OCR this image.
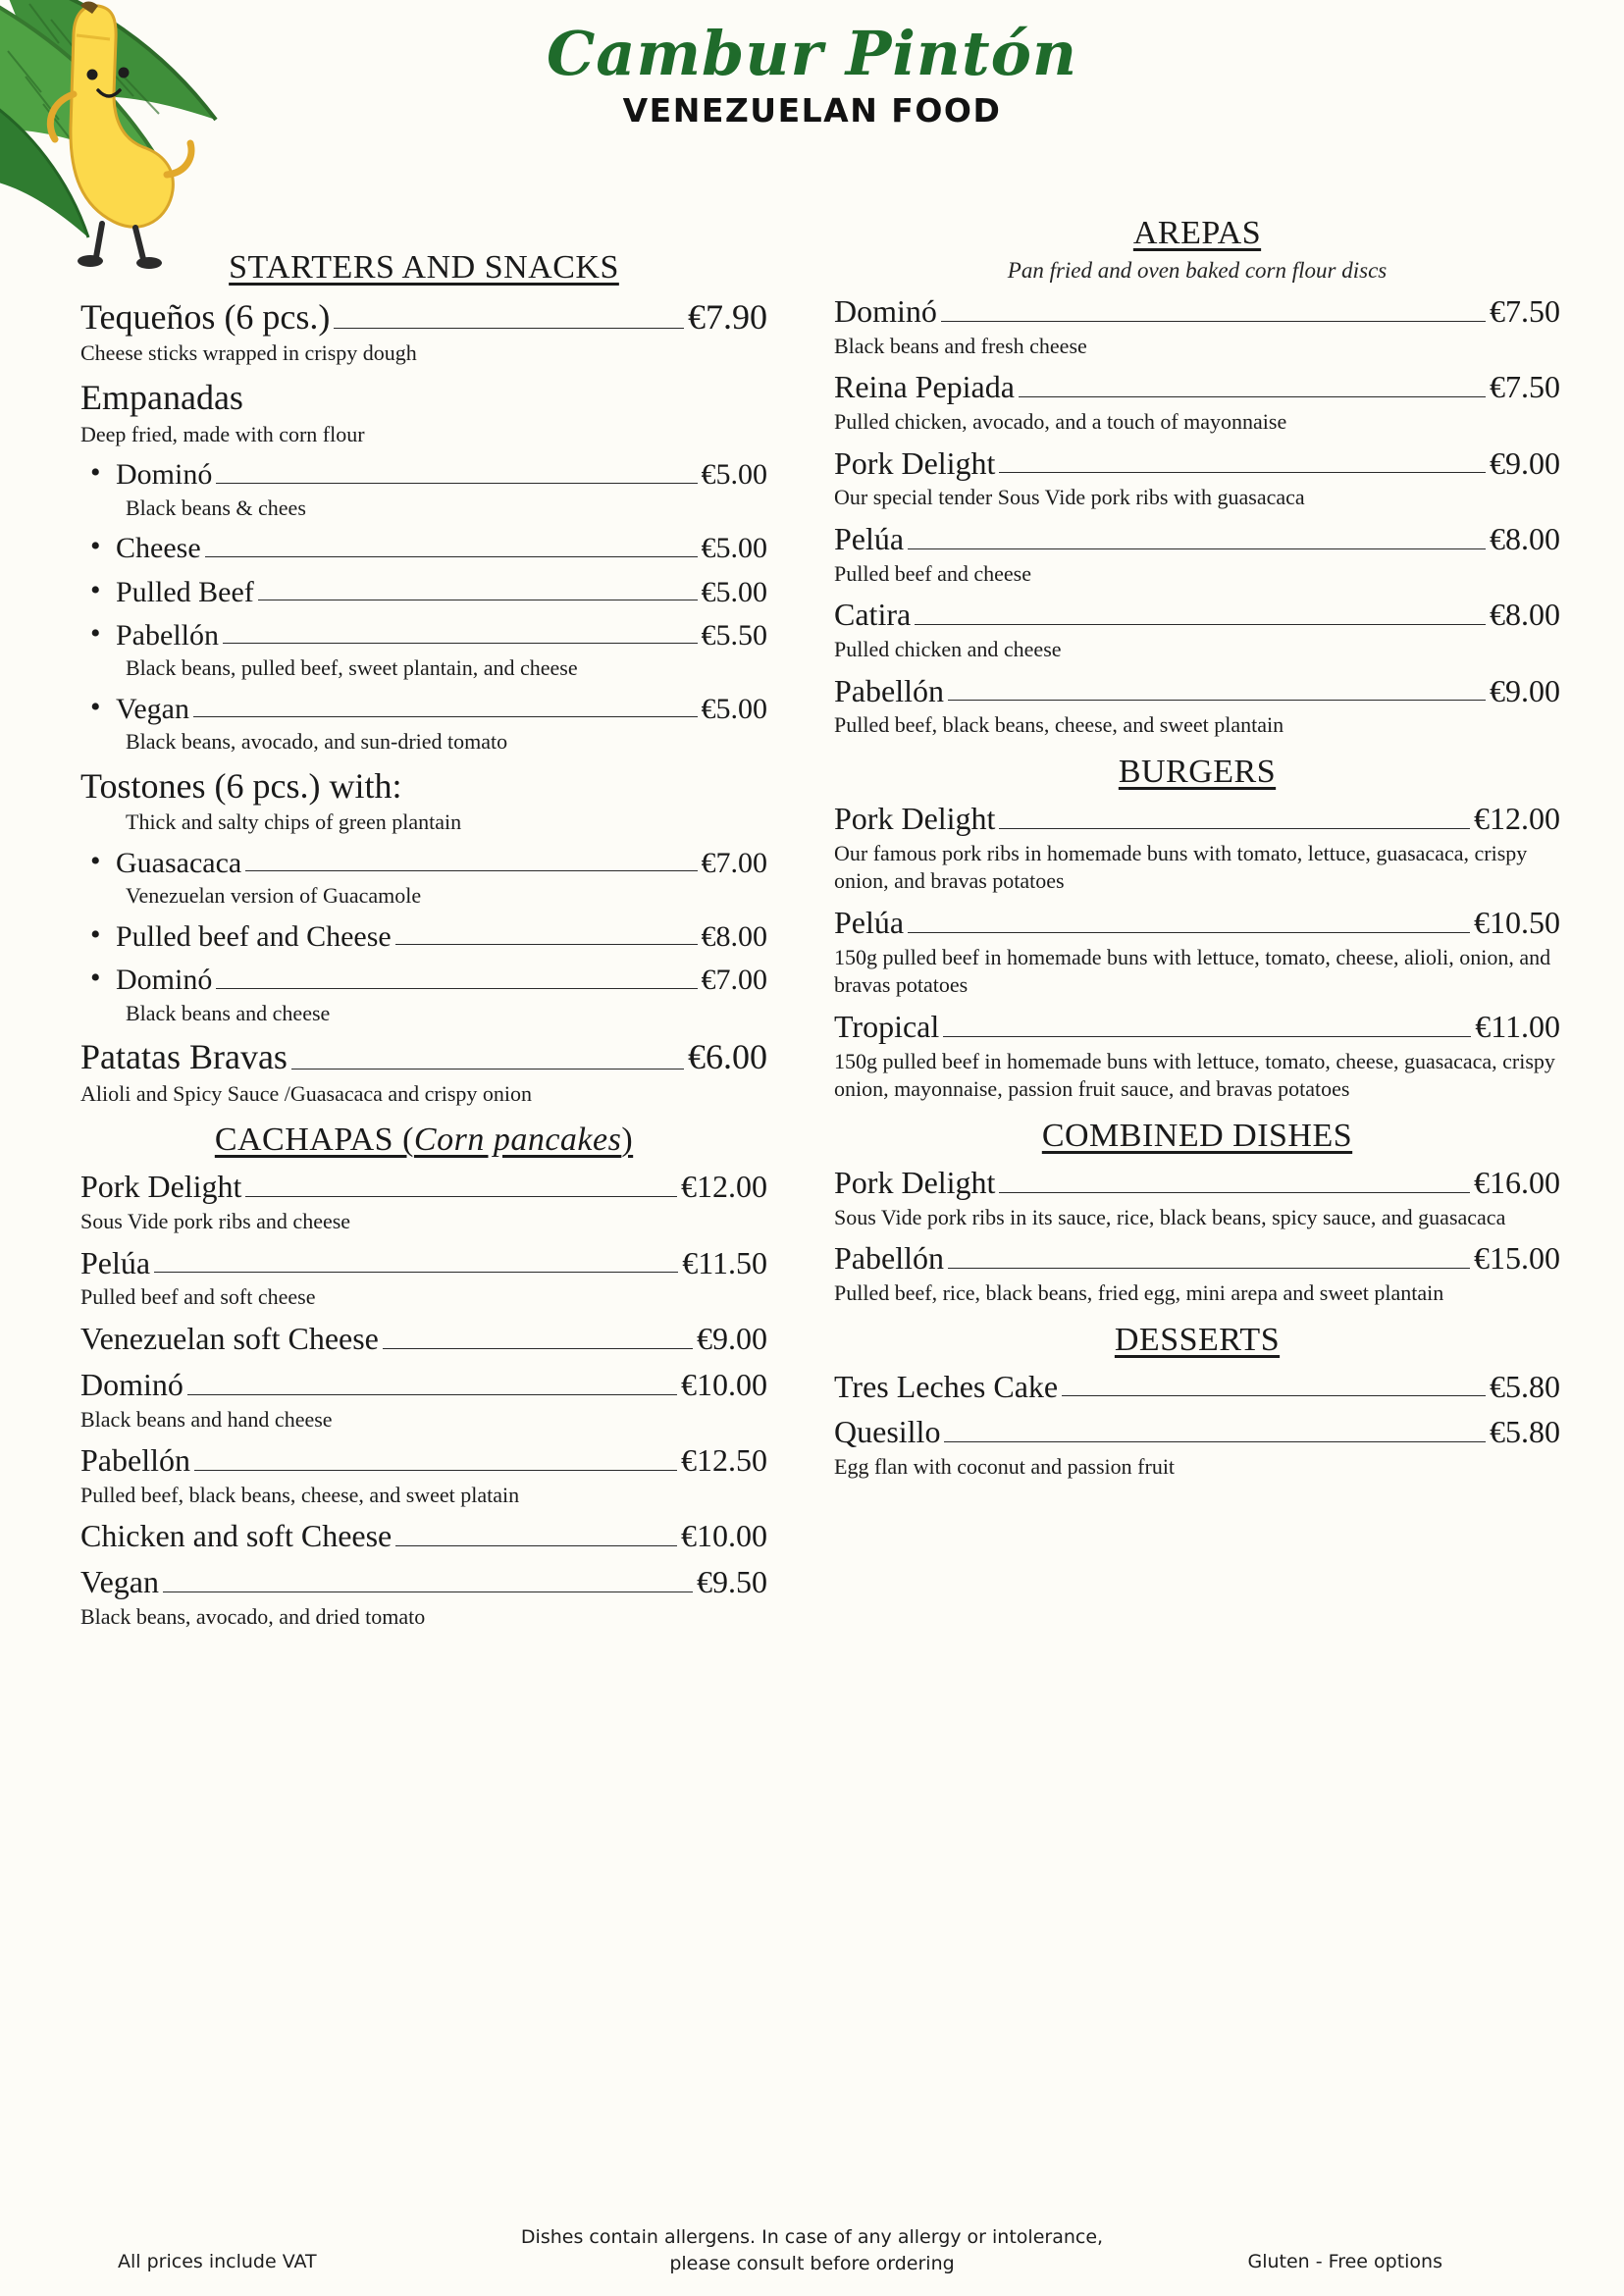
Cambur Pintón
VENEZUELAN FOOD
STARTERS AND SNACKS
Tequeños (6 pcs.)	€7.90
Cheese sticks wrapped in crispy dough
Empanadas
Deep fried, made with corn flour
• Dominó	€5.00
Black beans & chees
• Cheese	€5.00
• Pulled Beef	€5.00
• Pabellón	€5.50
Black beans, pulled beef, sweet plantain, and cheese
• Vegan	€5.00
Black beans, avocado, and sun-dried tomato
Tostones (6 pcs.) with:
Thick and salty chips of green plantain
• Guasacaca	€7.00
Venezuelan version of Guacamole
• Pulled beef and Cheese	€8.00
• Dominó	€7.00
Black beans and cheese
Patatas Bravas	€6.00
Alioli and Spicy Sauce /Guasacaca and crispy onion
CACHAPAS (Corn pancakes)
Pork Delight	€12.00
Sous Vide pork ribs and cheese
Pelúa	€11.50
Pulled beef and soft cheese
Venezuelan soft Cheese	€9.00
Dominó	€10.00
Black beans and hand cheese
Pabellón	€12.50
Pulled beef, black beans, cheese, and sweet platain
Chicken and soft Cheese	€10.00
Vegan	€9.50
Black beans, avocado, and dried tomato
AREPAS
Pan fried and oven baked corn flour discs
Dominó	€7.50
Black beans and fresh cheese
Reina Pepiada	€7.50
Pulled chicken, avocado, and a touch of mayonnaise
Pork Delight	€9.00
Our special tender Sous Vide pork ribs with guasacaca
Pelúa	€8.00
Pulled beef and cheese
Catira	€8.00
Pulled chicken and cheese
Pabellón	€9.00
Pulled beef, black beans, cheese, and sweet plantain
BURGERS
Pork Delight	€12.00
Our famous pork ribs in homemade buns with tomato, lettuce, guasacaca, crispy onion, and bravas potatoes
Pelúa	€10.50
150g pulled beef in homemade buns with lettuce, tomato, cheese, alioli, onion, and bravas potatoes
Tropical	€11.00
150g pulled beef in homemade buns with lettuce, tomato, cheese, guasacaca, crispy onion, mayonnaise, passion fruit sauce, and bravas potatoes
COMBINED DISHES
Pork Delight	€16.00
Sous Vide pork ribs in its sauce, rice, black beans, spicy sauce, and guasacaca
Pabellón	€15.00
Pulled beef, rice, black beans, fried egg, mini arepa and sweet plantain
DESSERTS
Tres Leches Cake	€5.80
Quesillo	€5.80
Egg flan with coconut and passion fruit
All prices include VAT
Dishes contain allergens. In case of any allergy or intolerance,
please consult before ordering	Gluten - Free options
